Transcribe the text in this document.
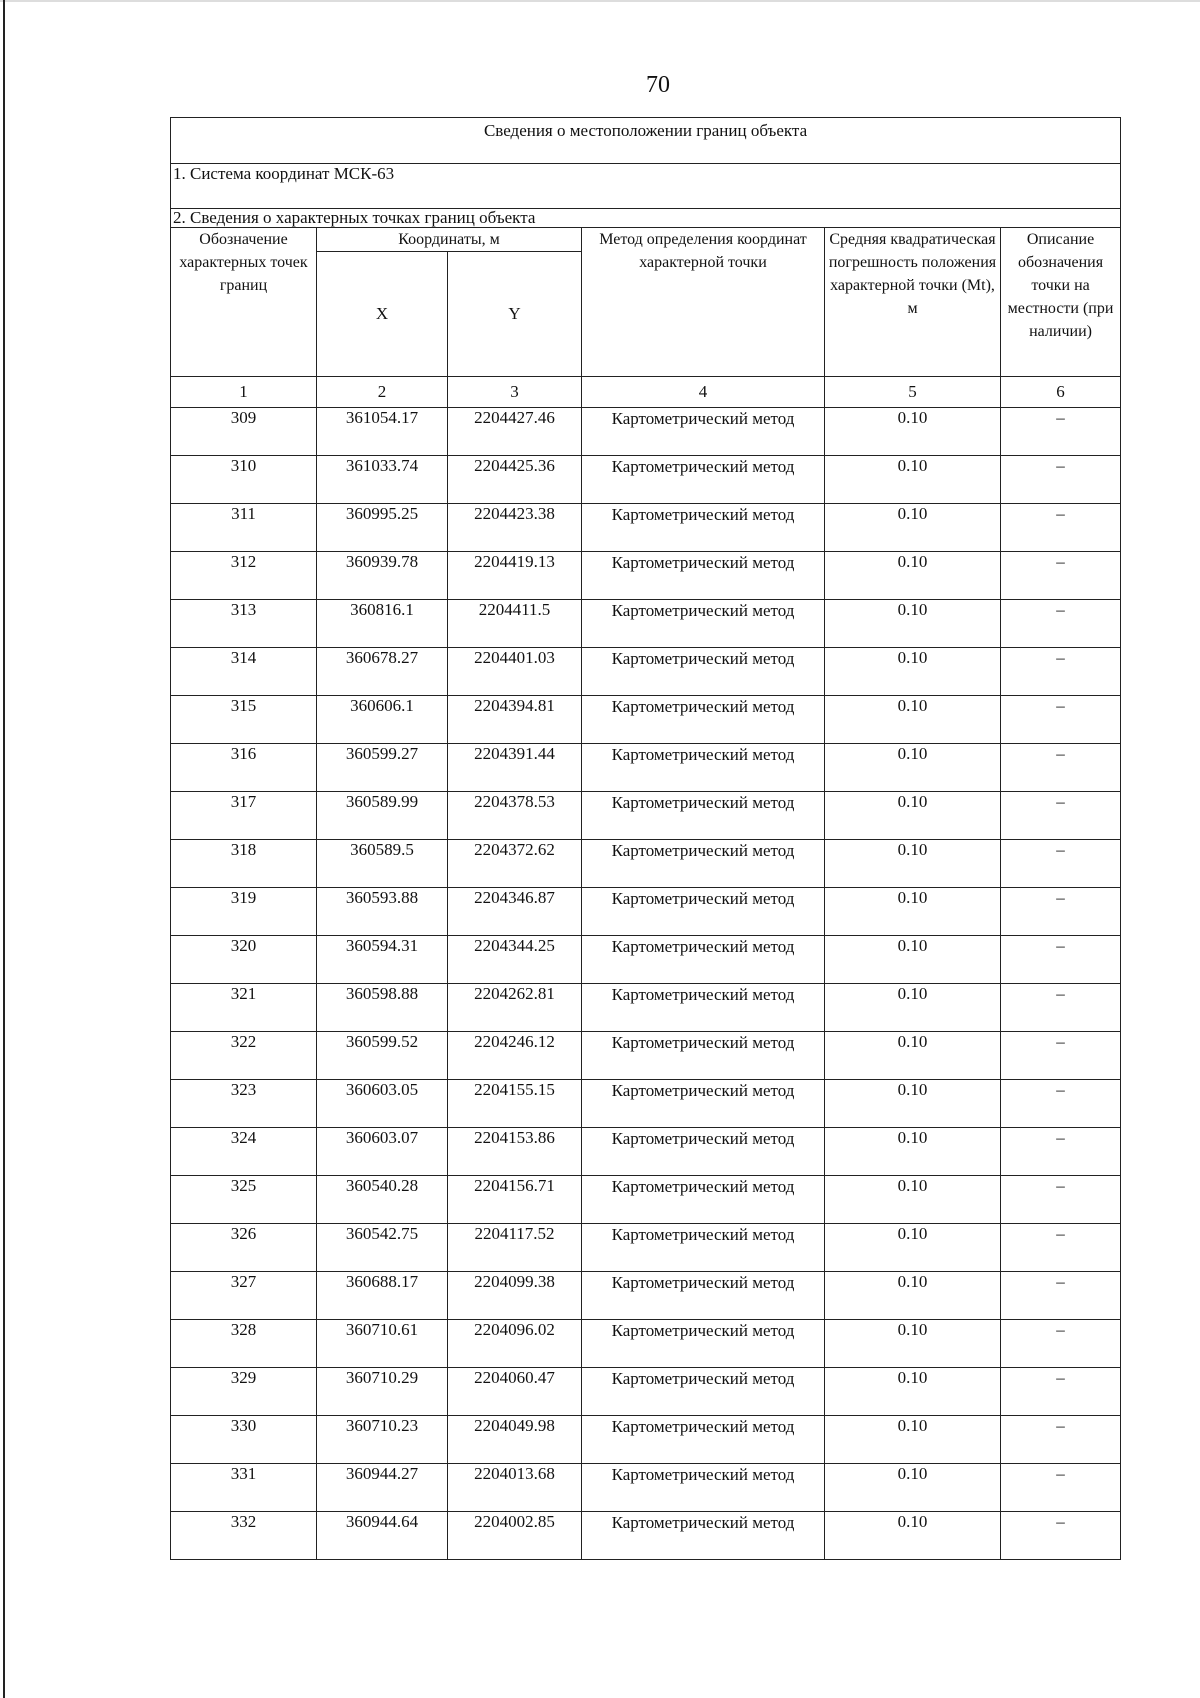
70
Сведения о местоположении границ объекта					
1. Система координат МСК-63					
2. Сведения о характерных точках границ объекта					
Обозначение характерных точек границ	Координаты, м		Метод определения координат характерной точки	Средняя квадратическая погрешность положения характерной точки (Mt), м	Описание обозначения точки на местности (при наличии)
	X	Y			
1	2	3	4	5	6
309	361054.17	2204427.46	Картометрический метод	0.10	–
310	361033.74	2204425.36	Картометрический метод	0.10	–
311	360995.25	2204423.38	Картометрический метод	0.10	–
312	360939.78	2204419.13	Картометрический метод	0.10	–
313	360816.1	2204411.5	Картометрический метод	0.10	–
314	360678.27	2204401.03	Картометрический метод	0.10	–
315	360606.1	2204394.81	Картометрический метод	0.10	–
316	360599.27	2204391.44	Картометрический метод	0.10	–
317	360589.99	2204378.53	Картометрический метод	0.10	–
318	360589.5	2204372.62	Картометрический метод	0.10	–
319	360593.88	2204346.87	Картометрический метод	0.10	–
320	360594.31	2204344.25	Картометрический метод	0.10	–
321	360598.88	2204262.81	Картометрический метод	0.10	–
322	360599.52	2204246.12	Картометрический метод	0.10	–
323	360603.05	2204155.15	Картометрический метод	0.10	–
324	360603.07	2204153.86	Картометрический метод	0.10	–
325	360540.28	2204156.71	Картометрический метод	0.10	–
326	360542.75	2204117.52	Картометрический метод	0.10	–
327	360688.17	2204099.38	Картометрический метод	0.10	–
328	360710.61	2204096.02	Картометрический метод	0.10	–
329	360710.29	2204060.47	Картометрический метод	0.10	–
330	360710.23	2204049.98	Картометрический метод	0.10	–
331	360944.27	2204013.68	Картометрический метод	0.10	–
332	360944.64	2204002.85	Картометрический метод	0.10	–
